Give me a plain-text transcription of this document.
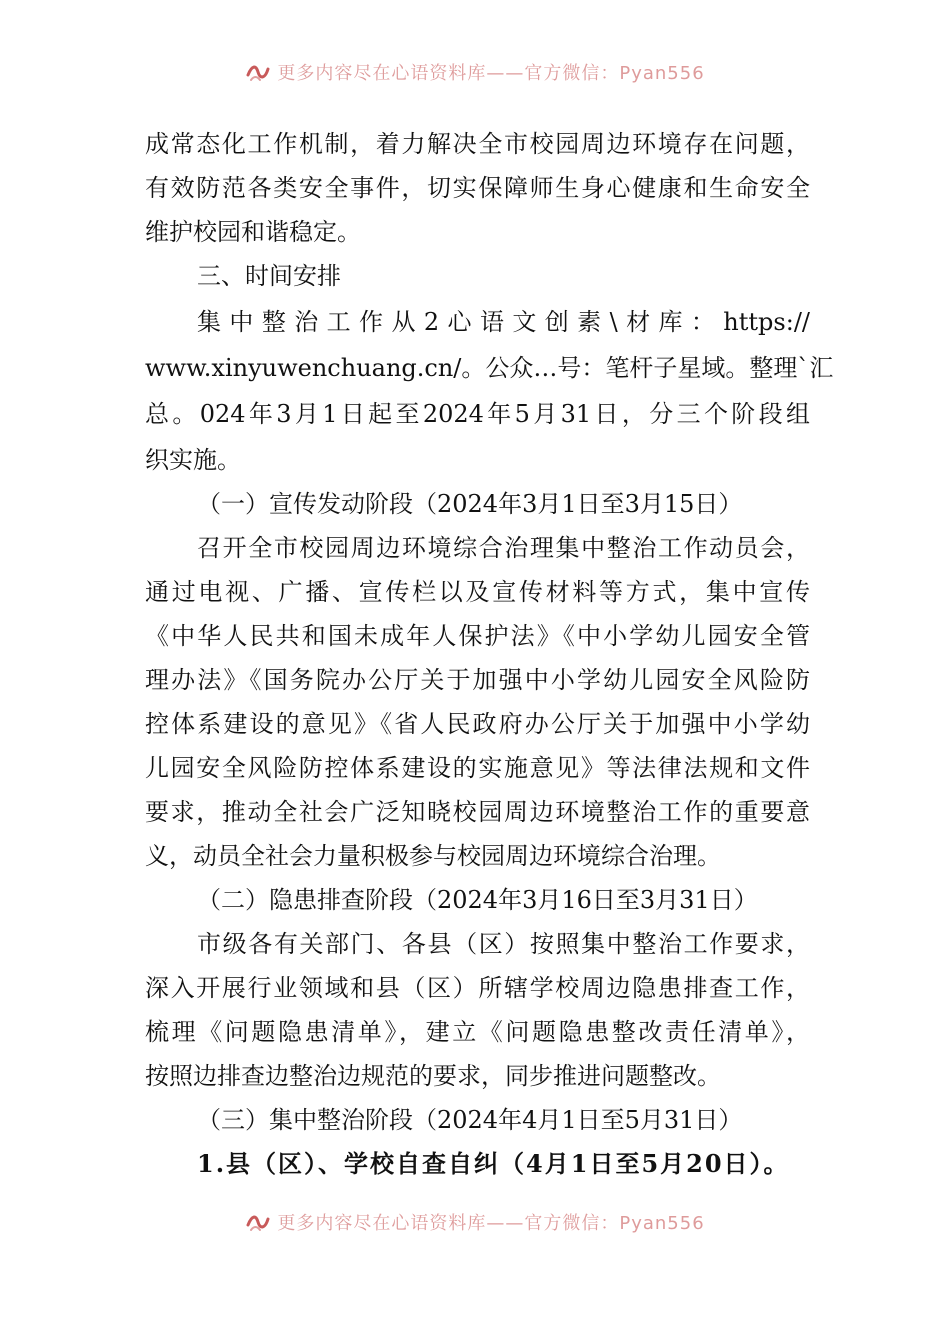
更多内容尽在心语资料库——官方微信：Pyan556
成常态化工作机制，着力解决全市校园周边环境存在问题，
有效防范各类安全事件，切实保障师生身心健康和生命安全
维护校园和谐稳定。
三、时间安排
集中整治工作从2心语文创素\材库：https://
www.xinyuwenchuang.cn/。公众…号：笔杆子星域。整理`汇
总。024年3月1日起至2024年5月31日，分三个阶段组
织实施。
（一）宣传发动阶段（2024年3月1日至3月15日）
召开全市校园周边环境综合治理集中整治工作动员会，
通过电视、广播、宣传栏以及宣传材料等方式，集中宣传
《中华人民共和国未成年人保护法》《中小学幼儿园安全管
理办法》《国务院办公厅关于加强中小学幼儿园安全风险防
控体系建设的意见》《省人民政府办公厅关于加强中小学幼
儿园安全风险防控体系建设的实施意见》等法律法规和文件
要求，推动全社会广泛知晓校园周边环境整治工作的重要意
义，动员全社会力量积极参与校园周边环境综合治理。
（二）隐患排查阶段（2024年3月16日至3月31日）
市级各有关部门、各县（区）按照集中整治工作要求，
深入开展行业领域和县（区）所辖学校周边隐患排查工作，
梳理《问题隐患清单》，建立《问题隐患整改责任清单》，
按照边排查边整治边规范的要求，同步推进问题整改。
（三）集中整治阶段（2024年4月1日至5月31日）
1.县（区）、学校自查自纠（4月1日至5月20日）。
更多内容尽在心语资料库——官方微信：Pyan556
